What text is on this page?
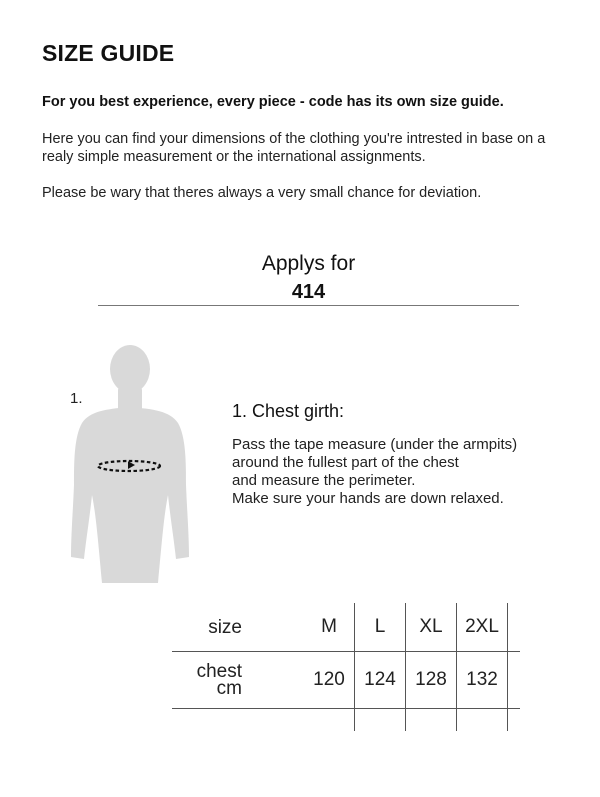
SIZE GUIDE
For you best experience, every piece - code has its own size guide.
Here you can find your dimensions of the clothing you're intrested in base on a
realy simple measurement or the international assignments.
Please be wary that theres always a very small chance for deviation.
Applys for
414
1.
1. Chest girth:
Pass the tape measure (under the armpits)
around the fullest part of the chest
and measure the perimeter.
Make sure your hands are down relaxed.
size	M	L	XL	2XL	

chest
cm	120	124	128	132	
